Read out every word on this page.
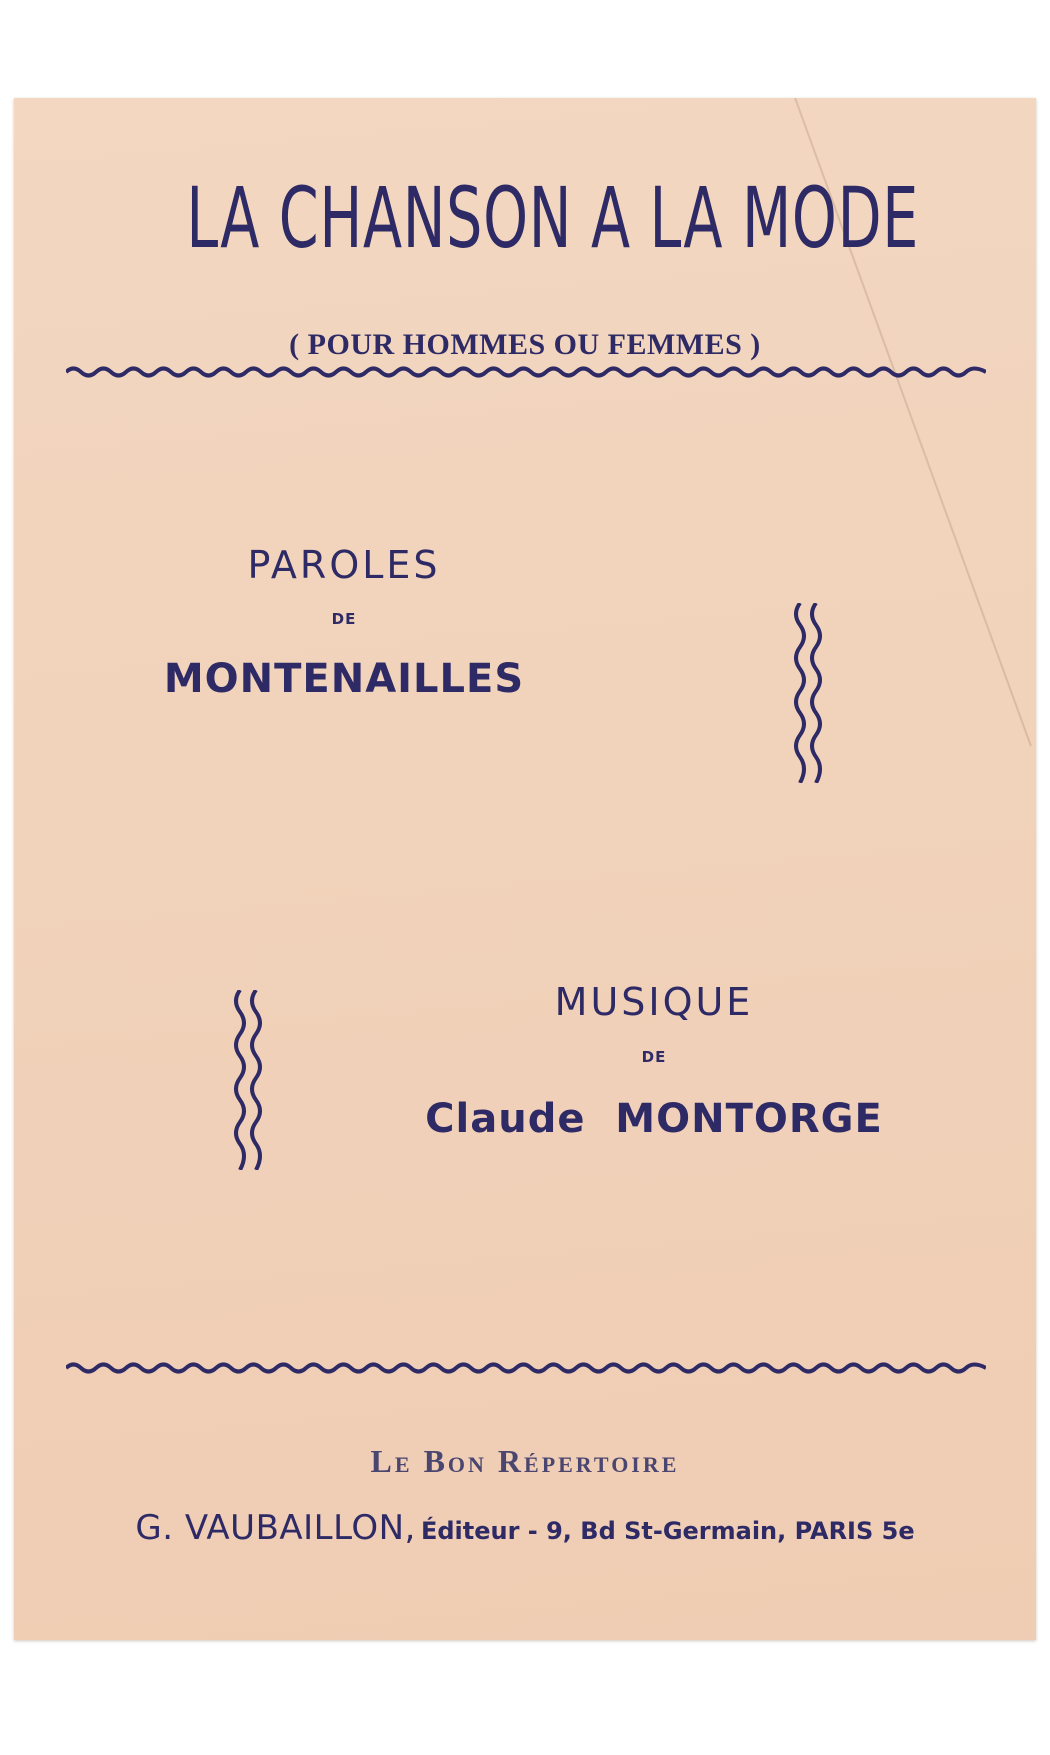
LA CHANSON A LA MODE

( POUR HOMMES OU FEMMES )

PAROLES

DE

MONTENAILLES

MUSIQUE

DE

Claude  MONTORGE

Le Bon Répertoire

G. VAUBAILLON, Éditeur - 9, Bd St-Germain, PARIS 5e
